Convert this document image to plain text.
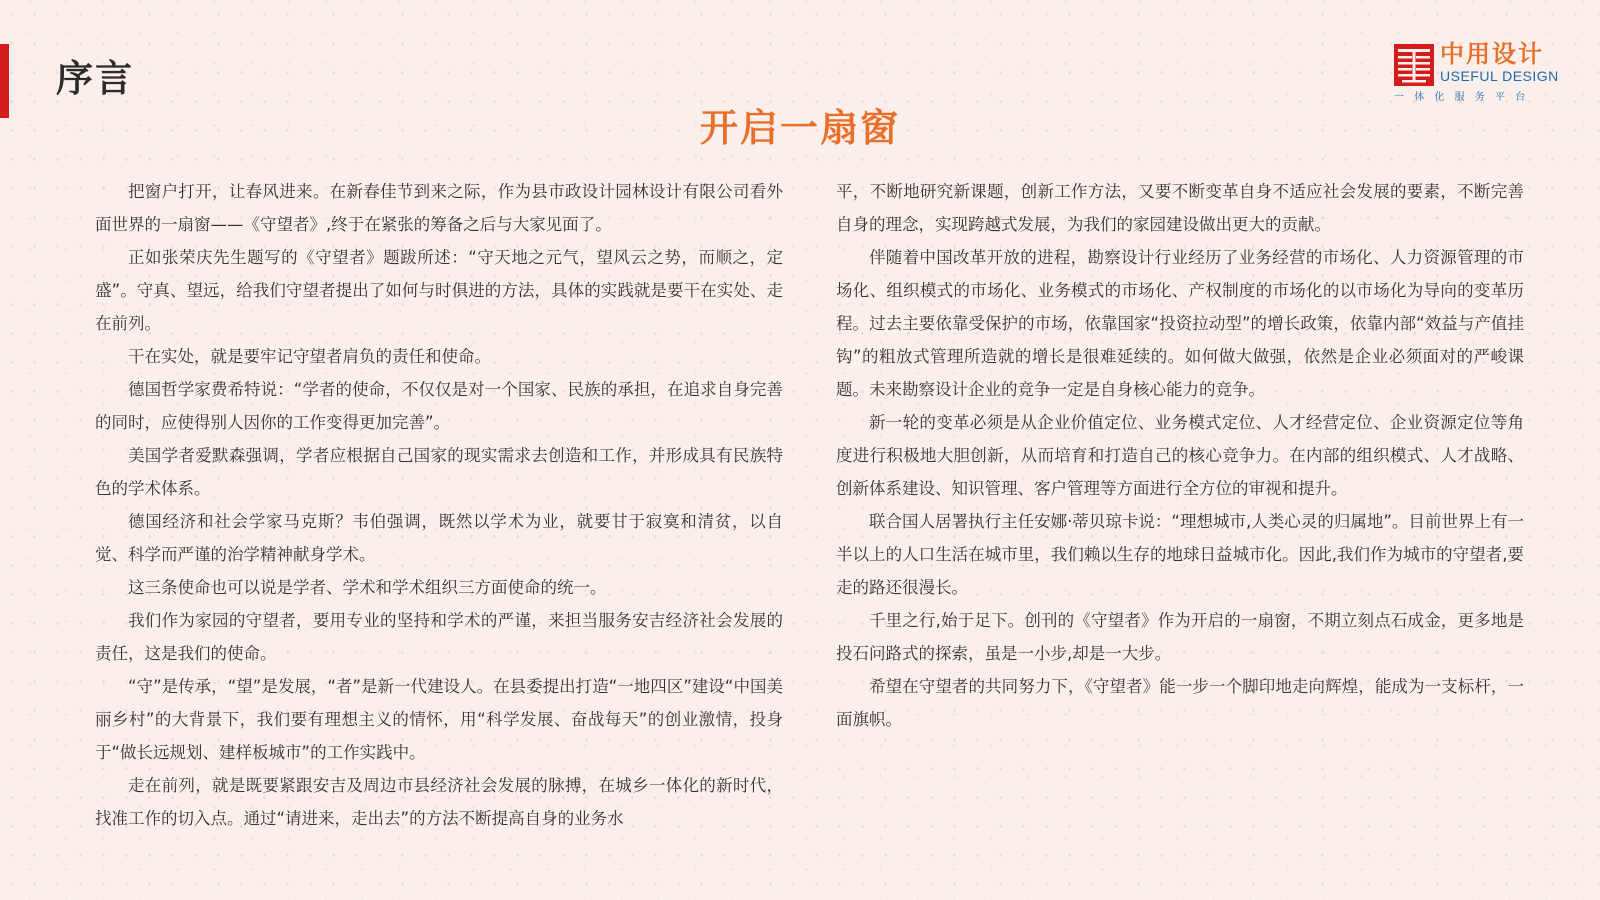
序言
中用设计
USEFUL DESIGN
一体化服务平台
开启一扇窗

把窗户打开，让春风进来。在新春佳节到来之际，作为县市政设计园林设计有限公司看外面世界的一扇窗——《守望者》,终于在紧张的筹备之后与大家见面了。

正如张荣庆先生题写的《守望者》题跋所述：“守天地之元气，望风云之势，而顺之，定盛”。守真、望远，给我们守望者提出了如何与时俱进的方法，具体的实践就是要干在实处、走在前列。

干在实处，就是要牢记守望者肩负的责任和使命。

德国哲学家费希特说：“学者的使命，不仅仅是对一个国家、民族的承担，在追求自身完善的同时，应使得别人因你的工作变得更加完善”。

美国学者爱默森强调，学者应根据自己国家的现实需求去创造和工作，并形成具有民族特色的学术体系。

德国经济和社会学家马克斯？韦伯强调，既然以学术为业，就要甘于寂寞和清贫，以自觉、科学而严谨的治学精神献身学术。

这三条使命也可以说是学者、学术和学术组织三方面使命的统一。

我们作为家园的守望者，要用专业的坚持和学术的严谨，来担当服务安吉经济社会发展的责任，这是我们的使命。

“守”是传承，“望”是发展，“者”是新一代建设人。在县委提出打造“一地四区”建设“中国美丽乡村”的大背景下，我们要有理想主义的情怀，用“科学发展、奋战每天”的创业激情，投身于“做长远规划、建样板城市”的工作实践中。

走在前列，就是既要紧跟安吉及周边市县经济社会发展的脉搏，在城乡一体化的新时代，找准工作的切入点。通过“请进来，走出去”的方法不断提高自身的业务水

平，不断地研究新课题，创新工作方法，又要不断变革自身不适应社会发展的要素，不断完善自身的理念，实现跨越式发展，为我们的家园建设做出更大的贡献。

伴随着中国改革开放的进程，勘察设计行业经历了业务经营的市场化、人力资源管理的市场化、组织模式的市场化、业务模式的市场化、产权制度的市场化的以市场化为导向的变革历程。过去主要依靠受保护的市场，依靠国家“投资拉动型”的增长政策，依靠内部“效益与产值挂钩”的粗放式管理所造就的增长是很难延续的。如何做大做强，依然是企业必须面对的严峻课题。未来勘察设计企业的竞争一定是自身核心能力的竞争。

新一轮的变革必须是从企业价值定位、业务模式定位、人才经营定位、企业资源定位等角度进行积极地大胆创新，从而培育和打造自己的核心竞争力。在内部的组织模式、人才战略、创新体系建设、知识管理、客户管理等方面进行全方位的审视和提升。

联合国人居署执行主任安娜·蒂贝琼卡说：“理想城市,人类心灵的归属地”。目前世界上有一半以上的人口生活在城市里，我们赖以生存的地球日益城市化。因此,我们作为城市的守望者,要走的路还很漫长。

千里之行,始于足下。创刊的《守望者》作为开启的一扇窗，不期立刻点石成金，更多地是投石问路式的探索，虽是一小步,却是一大步。

希望在守望者的共同努力下，《守望者》能一步一个脚印地走向辉煌，能成为一支标杆，一面旗帜。
